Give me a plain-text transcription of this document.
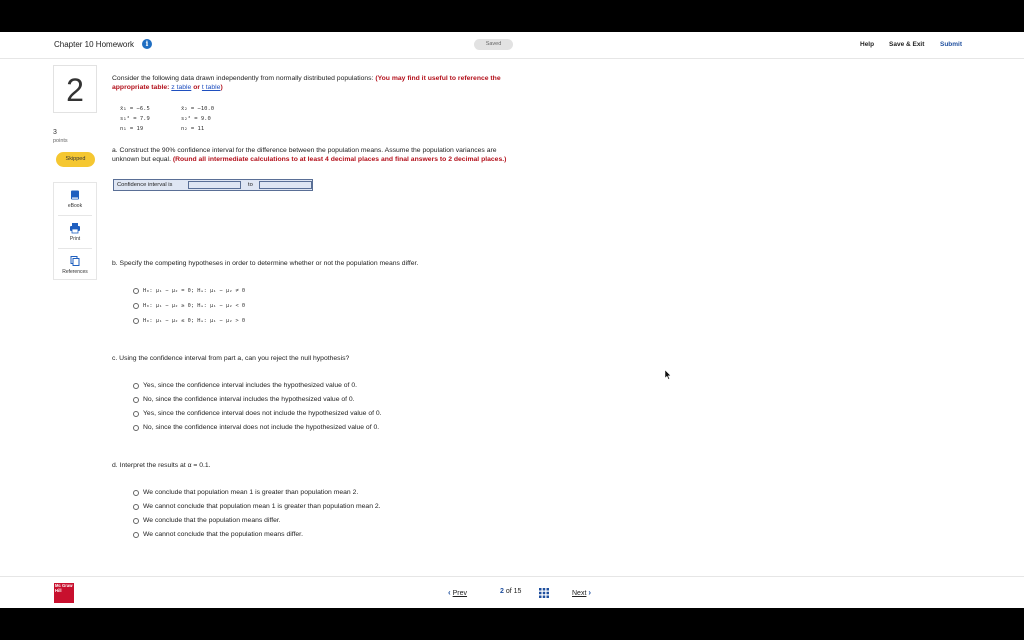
Chapter 10 Homework	i	Saved	Help Save & Exit Submit
2
3
points
Skipped
eBook
Print
References
Consider the following data drawn independently from normally distributed populations: (You may find it useful to reference the
appropriate table: z table or t table)
x̄₁ = −6.5	x̄₂ = −10.0
s₁² = 7.9	s₂² = 9.0
n₁ = 19	n₂ = 11
a. Construct the 90% confidence interval for the difference between the population means. Assume the population variances are
unknown but equal. (Round all intermediate calculations to at least 4 decimal places and final answers to 2 decimal places.)
Confidence interval is	to
b. Specify the competing hypotheses in order to determine whether or not the population means differ.
H₀: μ₁ − μ₂ = 0; Hₐ: μ₁ − μ₂ ≠ 0
H₀: μ₁ − μ₂ ≥ 0; Hₐ: μ₁ − μ₂ < 0
H₀: μ₁ − μ₂ ≤ 0; Hₐ: μ₁ − μ₂ > 0
c. Using the confidence interval from part a, can you reject the null hypothesis?
Yes, since the confidence interval includes the hypothesized value of 0.
No, since the confidence interval includes the hypothesized value of 0.
Yes, since the confidence interval does not include the hypothesized value of 0.
No, since the confidence interval does not include the hypothesized value of 0.
d. Interpret the results at α = 0.1.
We conclude that population mean 1 is greater than population mean 2.
We cannot conclude that population mean 1 is greater than population mean 2.
We conclude that the population means differ.
We cannot conclude that the population means differ.
Mc Graw Hill	‹ Prev	2 of 15	Next ›
